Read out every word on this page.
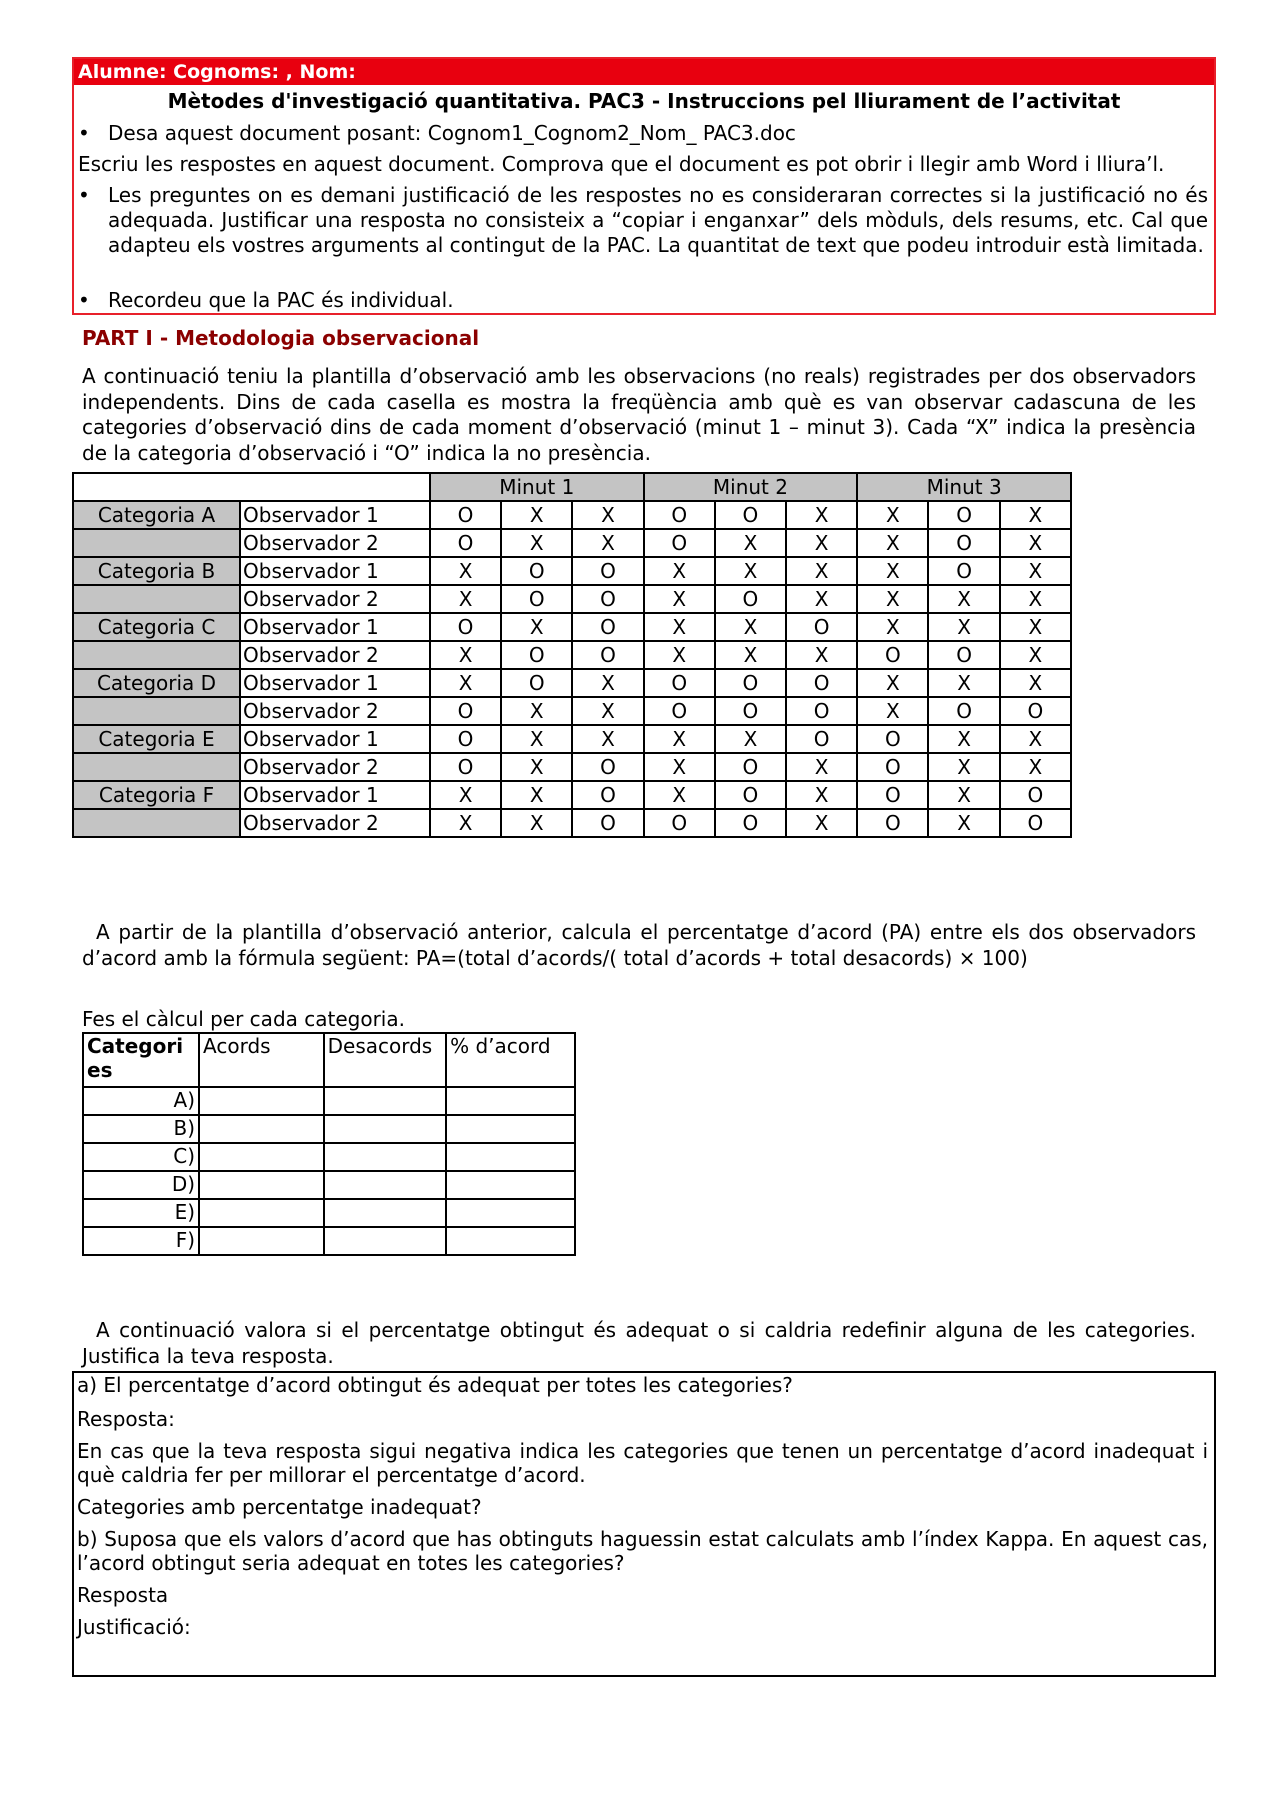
Alumne: Cognoms: , Nom:
Mètodes d'investigació quantitativa. PAC3 - Instruccions pel lliurament de l’activitat
• Desa aquest document posant: Cognom1_Cognom2_Nom_ PAC3.doc
Escriu les respostes en aquest document. Comprova que el document es pot obrir i llegir amb Word i lliura’l.
• Les preguntes on es demani justificació de les respostes no es consideraran correctes si la justificació no és adequada. Justificar una resposta no consisteix a “copiar i enganxar” dels mòduls, dels resums, etc. Cal que adapteu els vostres arguments al contingut de la PAC. La quantitat de text que podeu introduir està limitada.
• Recordeu que la PAC és individual.
PART I - Metodologia observacional
A continuació teniu la plantilla d’observació amb les observacions (no reals) registrades per dos observadors independents. Dins de cada casella es mostra la freqüència amb què es van observar cadascuna de les categories d’observació dins de cada moment d’observació (minut 1 – minut 3). Cada “X” indica la presència de la categoria d’observació i “O” indica la no presència.
		Minut 1			Minut 2			Minut 3		
Categoria A	Observador 1	O	X	X	O	O	X	X	O	X
	Observador 2	O	X	X	O	X	X	X	O	X
Categoria B	Observador 1	X	O	O	X	X	X	X	O	X
	Observador 2	X	O	O	X	O	X	X	X	X
Categoria C	Observador 1	O	X	O	X	X	O	X	X	X
	Observador 2	X	O	O	X	X	X	O	O	X
Categoria D	Observador 1	X	O	X	O	O	O	X	X	X
	Observador 2	O	X	X	O	O	O	X	O	O
Categoria E	Observador 1	O	X	X	X	X	O	O	X	X
	Observador 2	O	X	O	X	O	X	O	X	X
Categoria F	Observador 1	X	X	O	X	O	X	O	X	O
	Observador 2	X	X	O	O	O	X	O	X	O
A partir de la plantilla d’observació anterior, calcula el percentatge d’acord (PA) entre els dos observadors d’acord amb la fórmula següent: PA=(total d’acords/( total d’acords + total desacords) × 100)
Fes el càlcul per cada categoria.
Categori es	Acords	Desacords	% d’acord
A)			
B)			
C)			
D)			
E)			
F)			
A continuació valora si el percentatge obtingut és adequat o si caldria redefinir alguna de les categories. Justifica la teva resposta.
a) El percentatge d’acord obtingut és adequat per totes les categories?
Resposta:
En cas que la teva resposta sigui negativa indica les categories que tenen un percentatge d’acord inadequat i què caldria fer per millorar el percentatge d’acord.
Categories amb percentatge inadequat?
b) Suposa que els valors d’acord que has obtinguts haguessin estat calculats amb l’índex Kappa. En aquest cas, l’acord obtingut seria adequat en totes les categories?
Resposta
Justificació:
